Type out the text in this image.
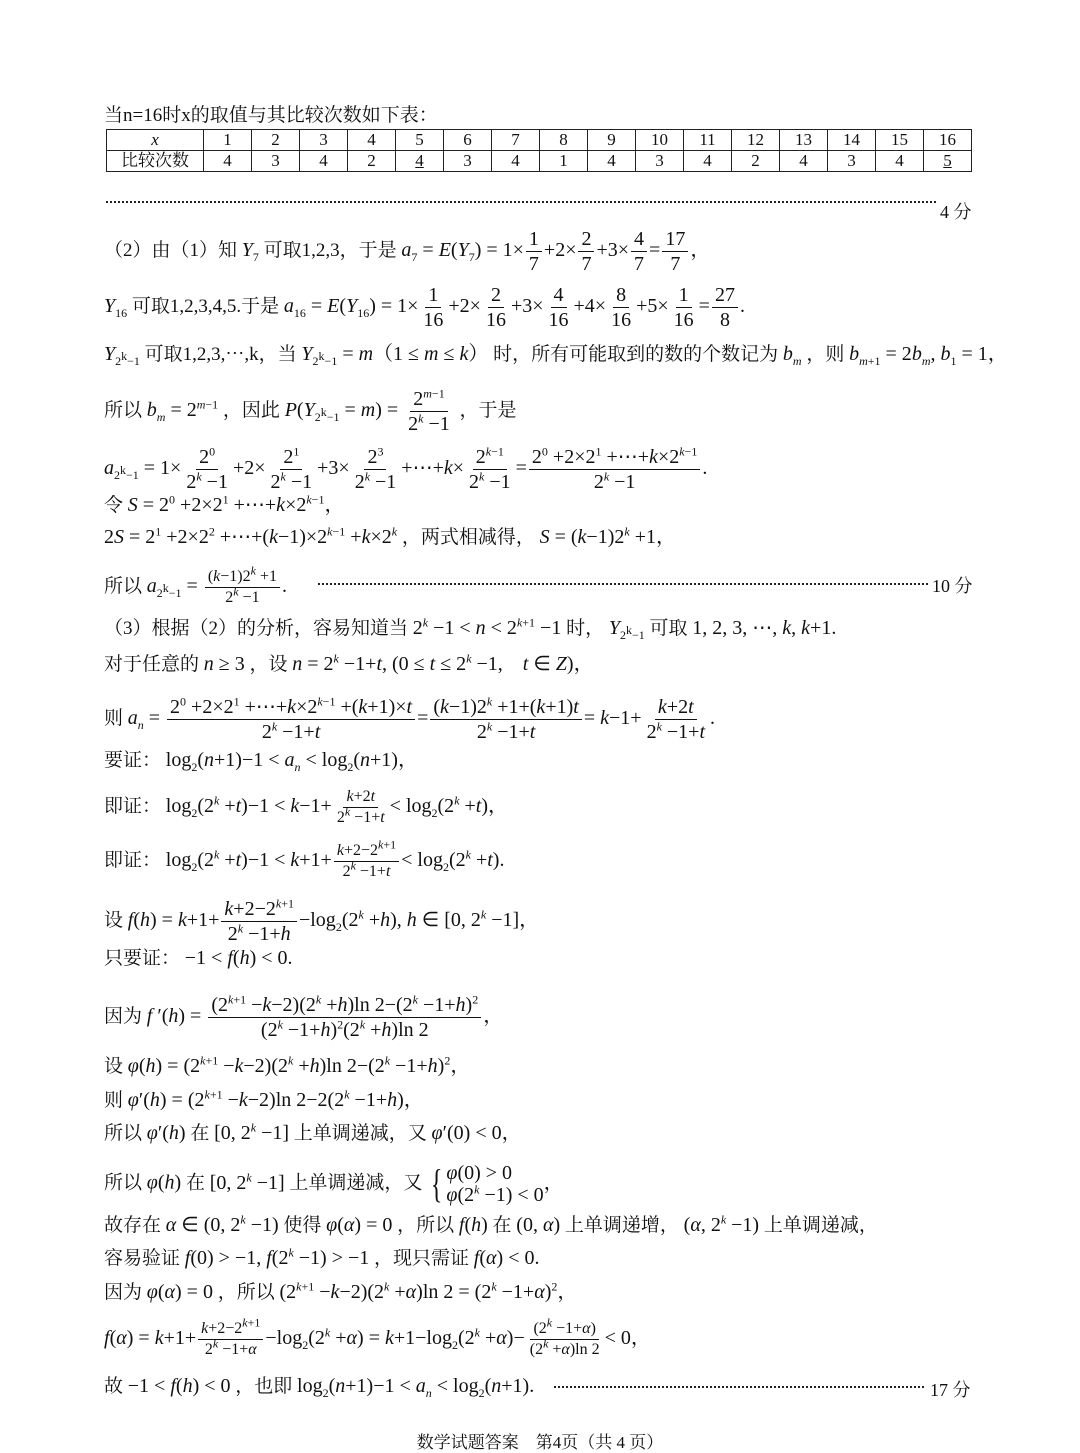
当n=16时x的取值与其比较次数如下表：
x	1	2	3	4	5	6	7	8	9	10	11	12	13	14	15	16
比较次数	4	3	4	2	4	3	4	1	4	3	4	2	4	3	4	5
4 分
（2）由（1）知 $Y_7$ 可取1,2,3，于是 $a_7 = E(Y_7) = 1\times \frac{1}{7} +2\times \frac{2}{7} +3\times \frac{4}{7} = \frac{17}{7}$ ，
$Y_{16}$ 可取1,2,3,4,5.于是 $a_{16} = E(Y_{16}) = 1\times \frac{1}{16} +2\times \frac{2}{16} +3\times \frac{4}{16} +4\times \frac{8}{16} +5\times \frac{1}{16} = \frac{27}{8}$ .
$Y_{2^k-1}$ 可取1,2,3,⋯,k，当 $Y_{2^k-1} = m(1 \le m \le k)$ 时，所有可能取到的数的个数记为 $b_m$ ，则 $b_{m+1} = 2b_m$, $b_1 = 1$，
所以 $b_m = 2^{m-1}$ ，因此 $P(Y_{2^k-1} = m) = \frac{2^{m-1}}{2^k -1}$ ，于是
$a_{2^k-1} = 1\times \frac{2^0}{2^k -1} +2\times \frac{2^1}{2^k -1} +3\times \frac{2^3}{2^k -1}$ +⋯+k× $\frac{2^{k-1}}{2^k -1} = \frac{2^0 +2\times 2^1 +\cdots+k\times 2^{k-1}}{2^k -1}$ .
令 $S = 2^0 +2\times 2^1$ $+\cdots+k\times 2^{k-1}$，
$2S = 2^1 +2\times 2^2$ $+\cdots+(k-1)\times 2^{k-1} +k\times 2^k$ ，两式相减得， $S = (k-1)2^k +1$，
所以 $a_{2^k-1} = \frac{(k-1)2^k +1}{2^k -1}$ .	10 分
（3）根据（2）的分析，容易知道当 $2^k -1 < n < 2^{k+1} -1$ 时， $Y_{2^k-1}$ 可取 1, 2, 3, ⋯, k, k+1.
对于任意的 n ≥ 3 ，设 $n = 2^k -1+t$, ($0 \le t \le 2^k -1$,　t ∈ Z)，
则 $a_n = \frac{2^0 +2\times 2^1 +\cdots+k\times 2^{k-1} +(k+1)\times t}{2^k -1+t} = \frac{(k-1)2^k +1+(k+1)t}{2^k -1+t} = k-1+ \frac{k+2t}{2^k -1+t}$ .
要证： $\log_2(n+1)-1 < a_n < \log_2(n+1)$，
即证： $\log_2(2^k +t)-1 < k-1+ \frac{k+2t}{2^k -1+t} < \log_2(2^k +t)$，
即证： $\log_2(2^k +t)-1 < k+1+ \frac{k+2-2^{k+1}}{2^k -1+t} < \log_2(2^k +t)$.
设 $f(h) = k+1+ \frac{k+2-2^{k+1}}{2^k -1+h} -\log_2(2^k +h)$, h ∈ [0, $2^k -1$]，
只要证： −1 < f(h) < 0.
因为 f $'(h) = \frac{(2^{k+1} -k-2)(2^k +h)\ln 2-(2^k -1+h)^2}{(2^k -1+h)^2(2^k +h)\ln 2}$ ，
设 $\varphi(h) = (2^{k+1} -k-2)(2^k +h)\ln$ $2-(2^k -1+h)^2$，
则 $\varphi'(h) = (2^{k+1} -k-2)\ln$ $2-2(2^k -1+h)$，
所以 φ′(h) 在 [0, $2^k -1$] 上单调递减，又 φ′(0) < 0，
所以 φ(h) 在 [0, $2^k -1$] 上单调递减，又 { φ(0) > 0
$\varphi(2^k -1) < 0$
，
故存在 α ∈ (0, $2^k -1$) 使得 φ(α) = 0 ，所以 f(h) 在 (0, α) 上单调递增， (α, $2^k -1$) 上单调递减，
容易验证 f(0) > −1, $f(2^k -1) > -1$ ，现只需证 f(α) < 0.
因为 φ(α) = 0 ，所以 $(2^{k+1} -k-2)(2^k +\alpha)\ln$ $2 = (2^k -1+\alpha)^2$，
$f(\alpha) = k+1+ \frac{k+2-2^{k+1}}{2^k -1+\alpha} -\log_2(2^k +\alpha) = k+1-\log_2(2^k +\alpha)- \frac{(2^k -1+\alpha)}{(2^k +\alpha)\ln 2} < 0$，
故 −1 < f(h) < 0 ，也即 $\log_2(n+1)-1 < a_n < \log_2(n+1)$.	17 分
数学试题答案　第4页（共 4 页）
